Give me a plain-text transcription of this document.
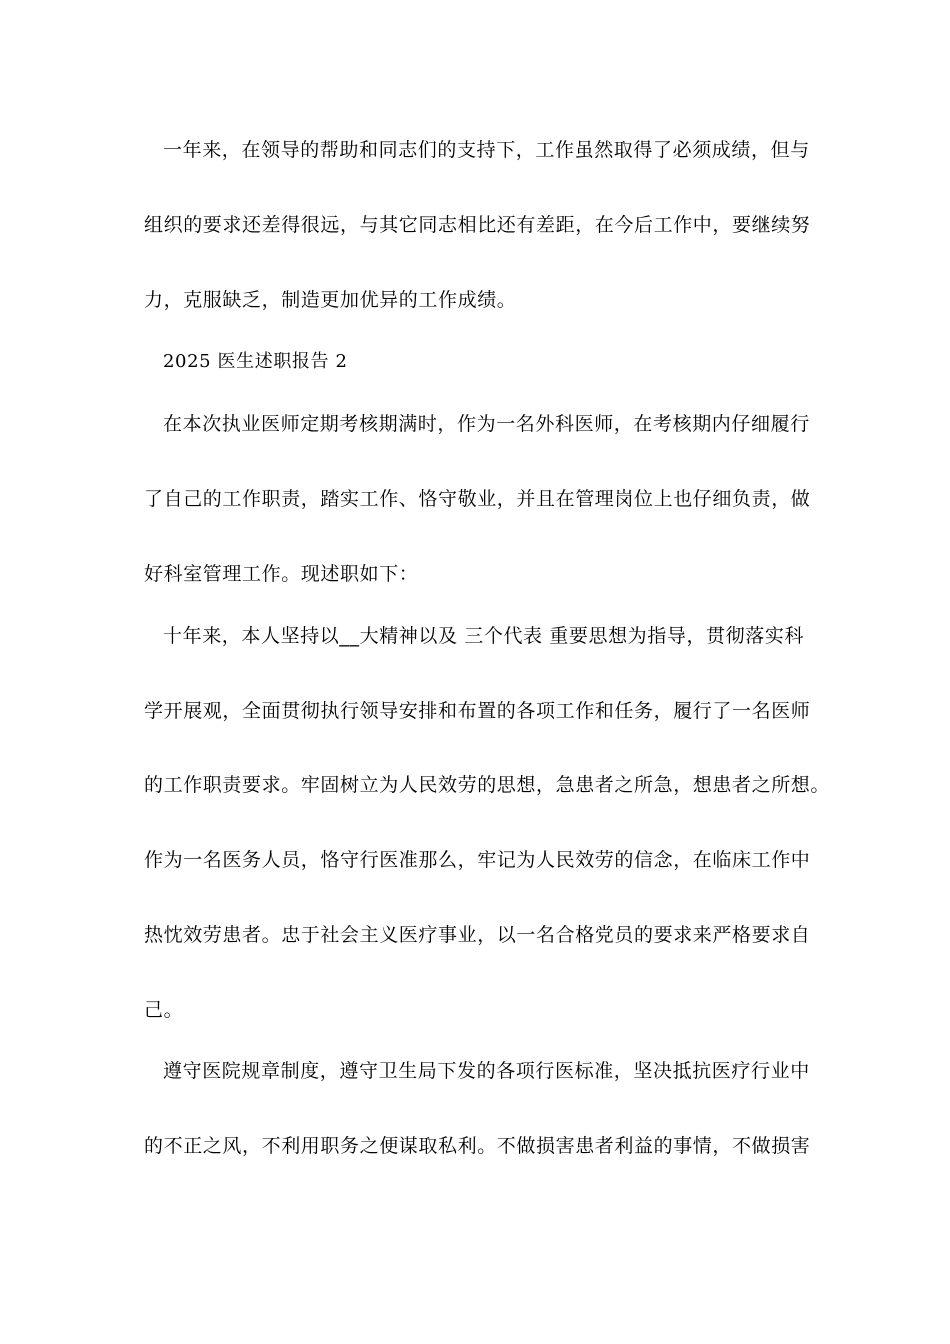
一年来，在领导的帮助和同志们的支持下，工作虽然取得了必须成绩，但与
组织的要求还差得很远，与其它同志相比还有差距，在今后工作中，要继续努
力，克服缺乏，制造更加优异的工作成绩。
2025 医生述职报告 2
在本次执业医师定期考核期满时，作为一名外科医师，在考核期内仔细履行
了自己的工作职责，踏实工作、恪守敬业，并且在管理岗位上也仔细负责，做
好科室管理工作。现述职如下：
十年来，本人坚持以__大精神以及 三个代表 重要思想为指导，贯彻落实科
学开展观，全面贯彻执行领导安排和布置的各项工作和任务，履行了一名医师
的工作职责要求。牢固树立为人民效劳的思想，急患者之所急，想患者之所想。
作为一名医务人员，恪守行医准那么，牢记为人民效劳的信念，在临床工作中
热忱效劳患者。忠于社会主义医疗事业，以一名合格党员的要求来严格要求自
己。
遵守医院规章制度，遵守卫生局下发的各项行医标准，坚决抵抗医疗行业中
的不正之风，不利用职务之便谋取私利。不做损害患者利益的事情，不做损害
